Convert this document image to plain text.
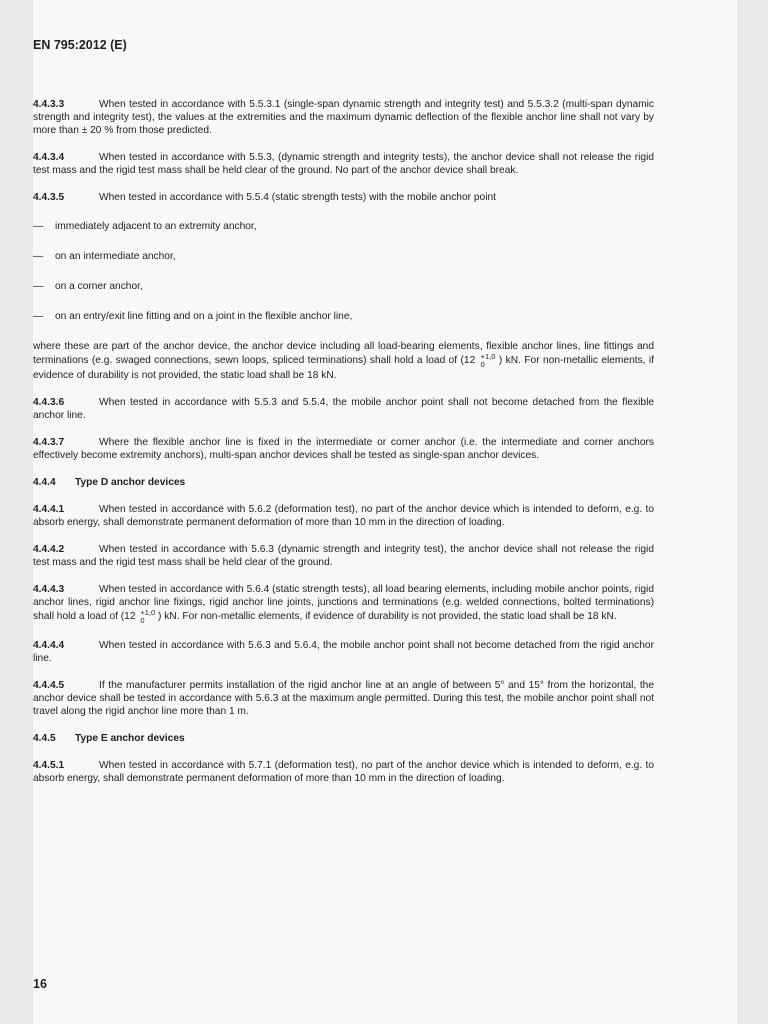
EN 795:2012 (E)

4.4.3.3	When tested in accordance with 5.5.3.1 (single-span dynamic strength and integrity test) and 5.5.3.2 (multi-span dynamic strength and integrity test), the values at the extremities and the maximum dynamic deflection of the flexible anchor line shall not vary by more than ± 20 % from those predicted.

4.4.3.4	When tested in accordance with 5.5.3, (dynamic strength and integrity tests), the anchor device shall not release the rigid test mass and the rigid test mass shall be held clear of the ground. No part of the anchor device shall break.

4.4.3.5	When tested in accordance with 5.5.4 (static strength tests) with the mobile anchor point

— immediately adjacent to an extremity anchor,
— on an intermediate anchor,
— on a corner anchor,
— on an entry/exit line fitting and on a joint in the flexible anchor line,

where these are part of the anchor device, the anchor device including all load-bearing elements, flexible anchor lines, line fittings and terminations (e.g. swaged connections, sewn loops, spliced terminations) shall hold a load of (12 +1,0
0	) kN. For non-metallic elements, if evidence of durability is not provided, the static load shall be 18 kN.

4.4.3.6	When tested in accordance with 5.5.3 and 5.5.4, the mobile anchor point shall not become detached from the flexible anchor line.

4.4.3.7	Where the flexible anchor line is fixed in the intermediate or corner anchor (i.e. the intermediate and corner anchors effectively become extremity anchors), multi-span anchor devices shall be tested as single-span anchor devices.

4.4.4 Type D anchor devices

4.4.4.1	When tested in accordance with 5.6.2 (deformation test), no part of the anchor device which is intended to deform, e.g. to absorb energy, shall demonstrate permanent deformation of more than 10 mm in the direction of loading.

4.4.4.2	When tested in accordance with 5.6.3 (dynamic strength and integrity test), the anchor device shall not release the rigid test mass and the rigid test mass shall be held clear of the ground.

4.4.4.3	When tested in accordance with 5.6.4 (static strength tests), all load bearing elements, including mobile anchor points, rigid anchor lines, rigid anchor line fixings, rigid anchor line joints, junctions and terminations (e.g. welded connections, bolted terminations) shall hold a load of (12 +1,0
0	) kN. For non-metallic elements, if evidence of durability is not provided, the static load shall be 18 kN.

4.4.4.4	When tested in accordance with 5.6.3 and 5.6.4, the mobile anchor point shall not become detached from the rigid anchor line.

4.4.4.5	If the manufacturer permits installation of the rigid anchor line at an angle of between 5° and 15° from the horizontal, the anchor device shall be tested in accordance with 5.6.3 at the maximum angle permitted. During this test, the mobile anchor point shall not travel along the rigid anchor line more than 1 m.

4.4.5 Type E anchor devices

4.4.5.1	When tested in accordance with 5.7.1 (deformation test), no part of the anchor device which is intended to deform, e.g. to absorb energy, shall demonstrate permanent deformation of more than 10 mm in the direction of loading.

16
